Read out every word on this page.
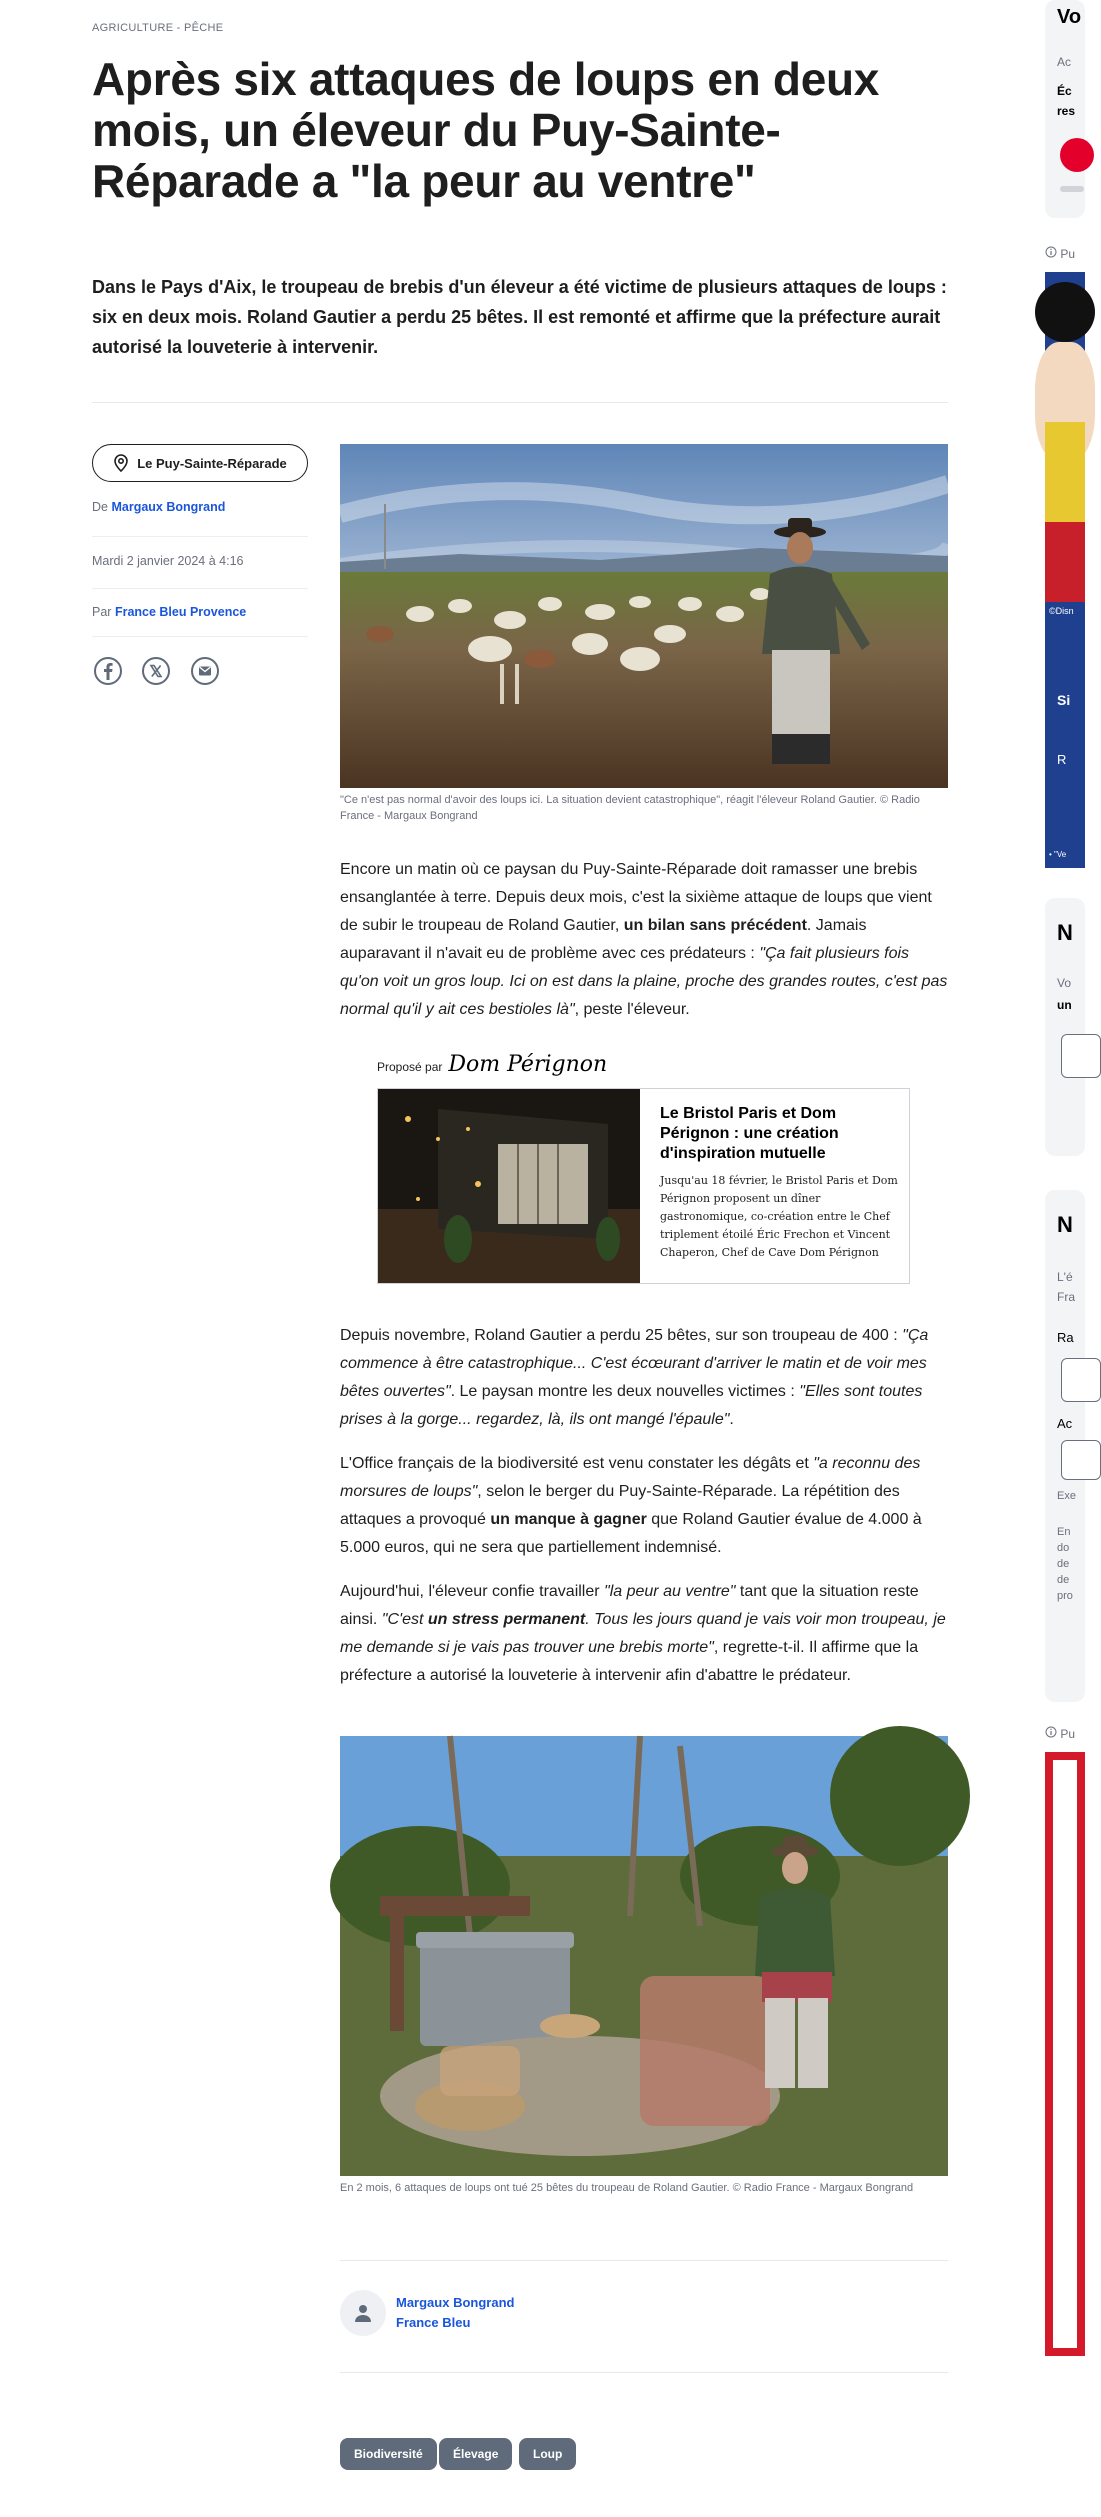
AGRICULTURE - PÊCHE
Après six attaques de loups en deux mois, un éleveur du Puy-Sainte-Réparade a "la peur au ventre"

Dans le Pays d'Aix, le troupeau de brebis d'un éleveur a été victime de plusieurs attaques de loups : six en deux mois. Roland Gautier a perdu 25 bêtes. Il est remonté et affirme que la préfecture aurait autorisé la louveterie à intervenir.

Le Puy-Sainte-Réparade
De Margaux Bongrand
Mardi 2 janvier 2024 à 4:16
Par France Bleu Provence
"Ce n'est pas normal d'avoir des loups ici. La situation devient catastrophique", réagit l'éleveur Roland Gautier. © Radio France - Margaux Bongrand

Encore un matin où ce paysan du Puy-Sainte-Réparade doit ramasser une brebis ensanglantée à terre. Depuis deux mois, c'est la sixième attaque de loups que vient de subir le troupeau de Roland Gautier, un bilan sans précédent. Jamais auparavant il n'avait eu de problème avec ces prédateurs : "Ça fait plusieurs fois qu'on voit un gros loup. Ici on est dans la plaine, proche des grandes routes, c'est pas normal qu'il y ait ces bestioles là", peste l'éleveur.

Proposé par Dom Pérignon
Le Bristol Paris et Dom Pérignon : une création d'inspiration mutuelle
Jusqu'au 18 février, le Bristol Paris et Dom Pérignon proposent un dîner gastronomique, co-création entre le Chef triplement étoilé Éric Frechon et Vincent Chaperon, Chef de Cave Dom Pérignon

Depuis novembre, Roland Gautier a perdu 25 bêtes, sur son troupeau de 400 : "Ça commence à être catastrophique... C'est écœurant d'arriver le matin et de voir mes bêtes ouvertes". Le paysan montre les deux nouvelles victimes : "Elles sont toutes prises à la gorge... regardez, là, ils ont mangé l'épaule".

L'Office français de la biodiversité est venu constater les dégâts et "a reconnu des morsures de loups", selon le berger du Puy-Sainte-Réparade. La répétition des attaques a provoqué un manque à gagner que Roland Gautier évalue de 4.000 à 5.000 euros, qui ne sera que partiellement indemnisé.

Aujourd'hui, l'éleveur confie travailler "la peur au ventre" tant que la situation reste ainsi. "C'est un stress permanent. Tous les jours quand je vais voir mon troupeau, je me demande si je vais pas trouver une brebis morte", regrette-t-il. Il affirme que la préfecture a autorisé la louveterie à intervenir afin d'abattre le prédateur.

En 2 mois, 6 attaques de loups ont tué 25 bêtes du troupeau de Roland Gautier. © Radio France - Margaux Bongrand
Margaux Bongrand
France Bleu
Biodiversité	Élevage	Loup
Vo
Ac
Éc
res
Pu
©Disn
Si
R
• "Ve
N
Vo
un
N
L'é
Fra
Ra
Ac
Exe
En
do
de
de
pro
Pu
